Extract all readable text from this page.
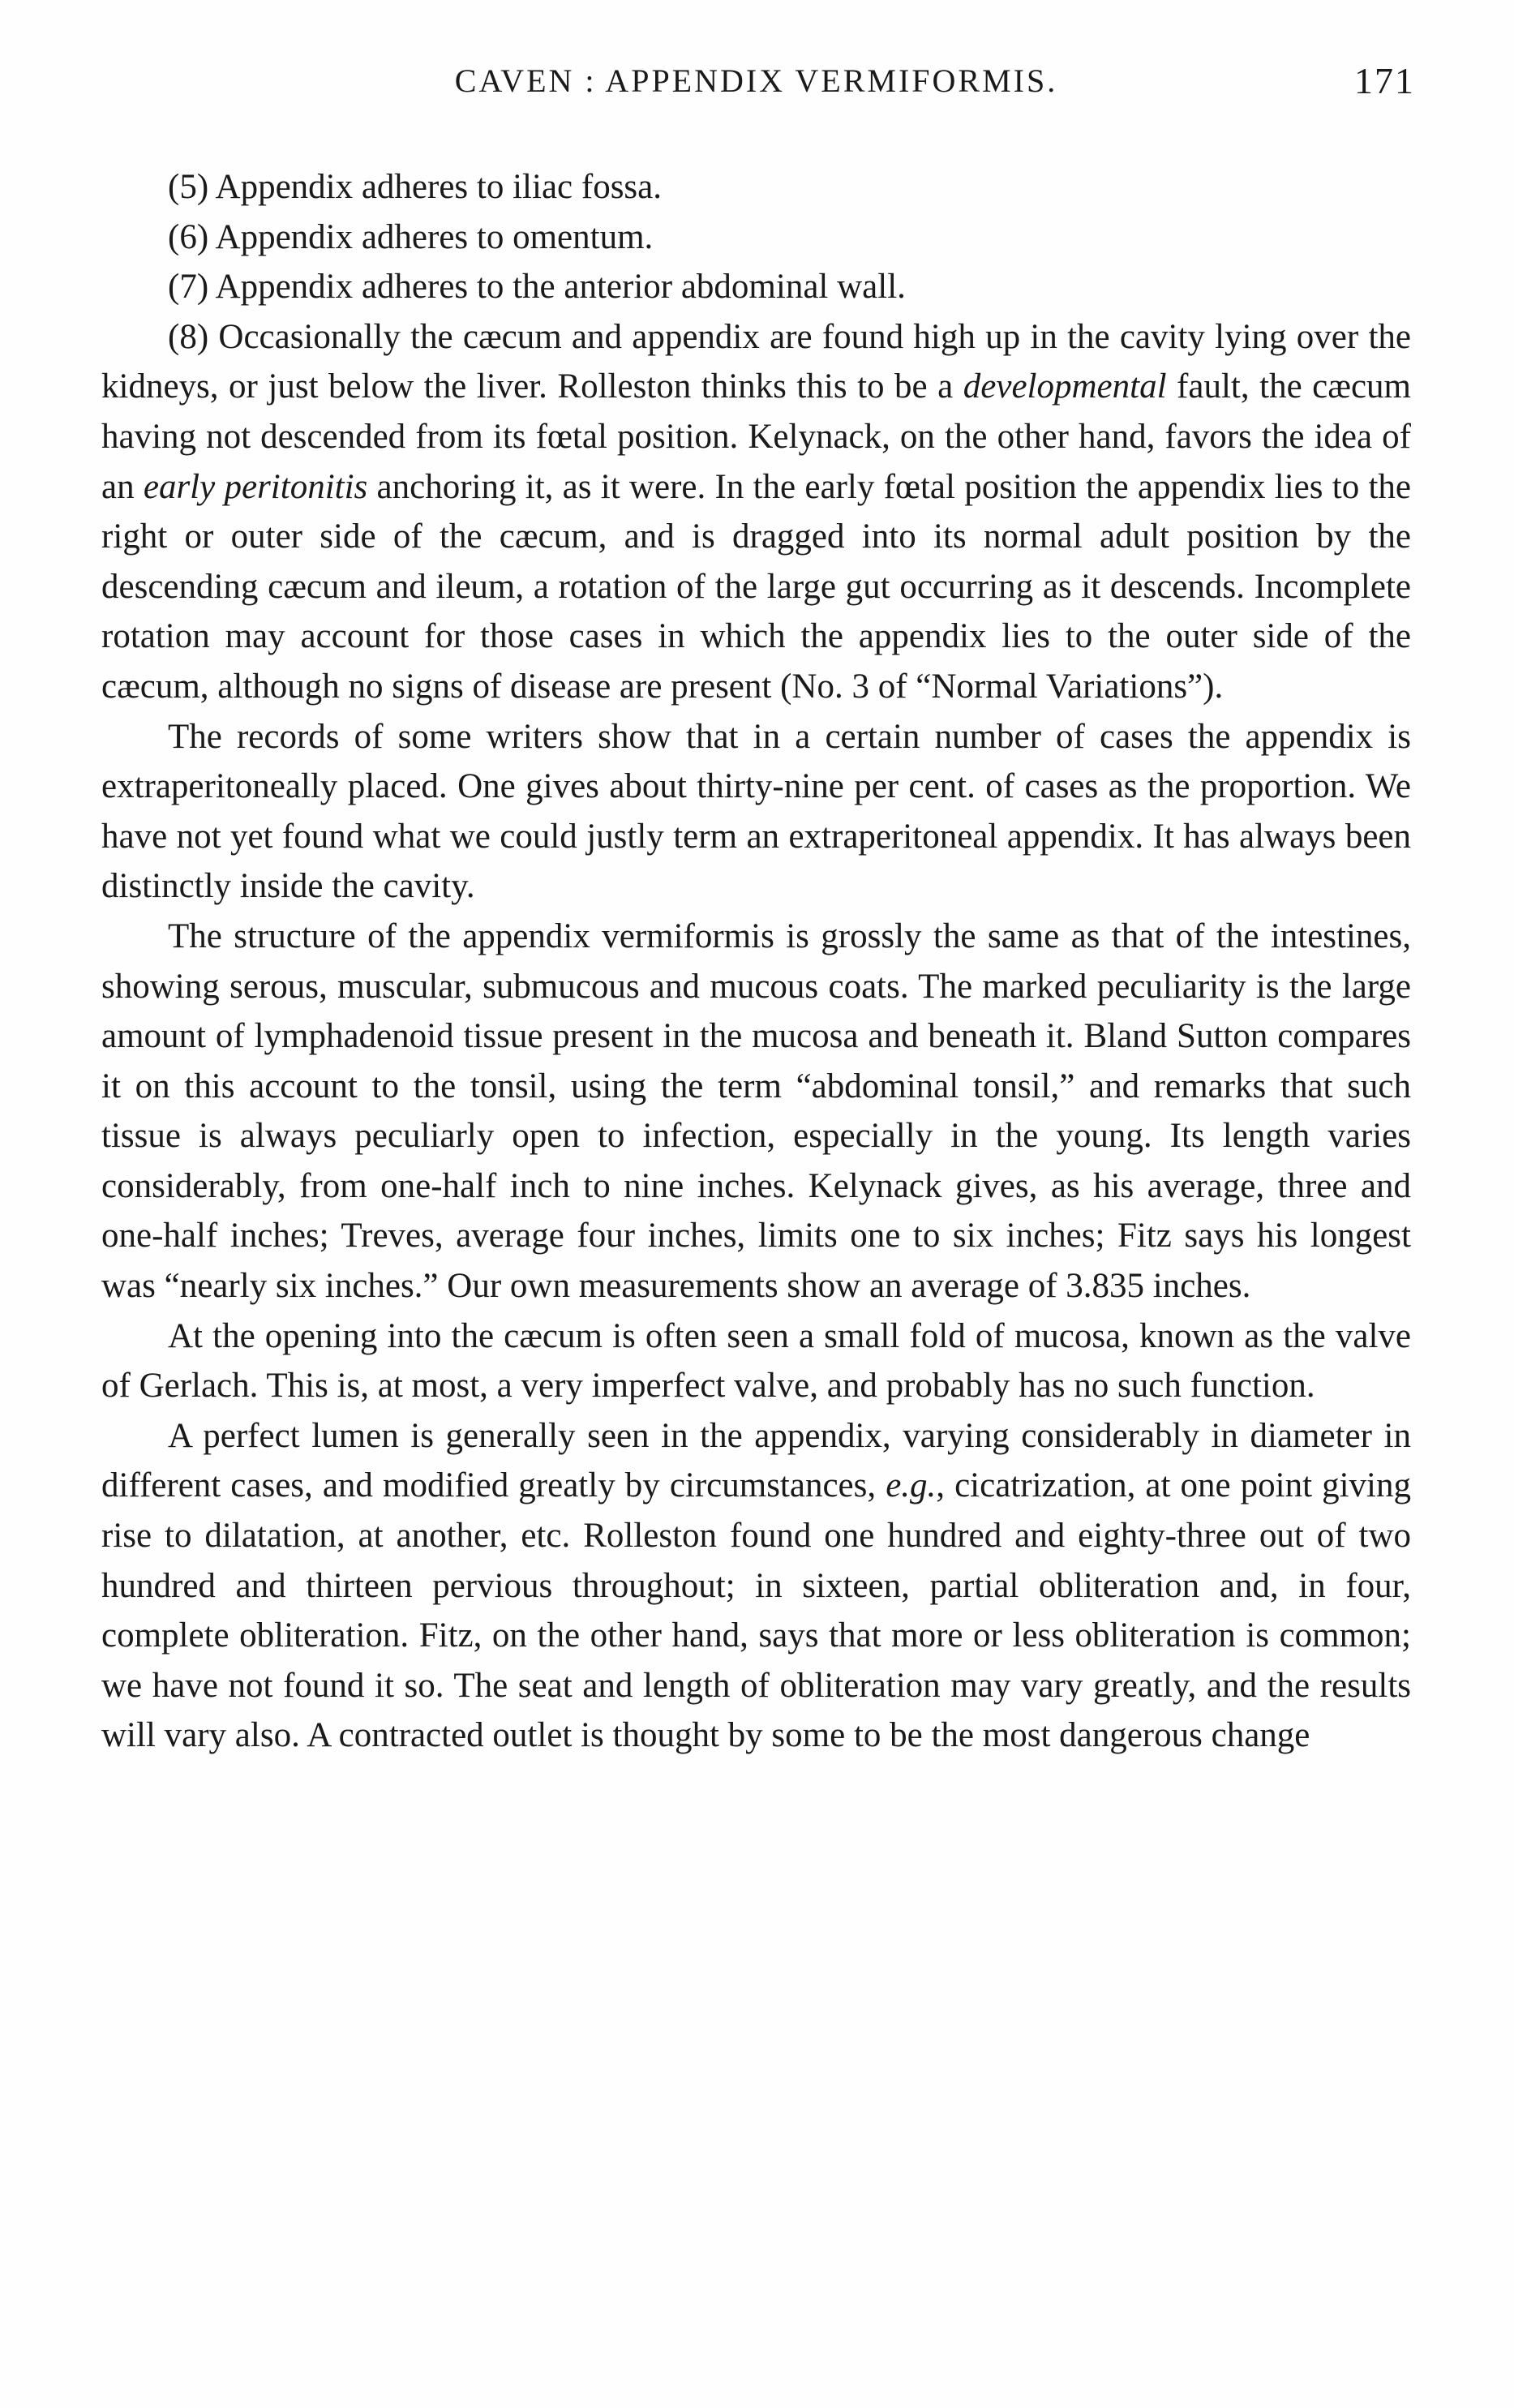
CAVEN : APPENDIX VERMIFORMIS.	171

(5) Appendix adheres to iliac fossa.

(6) Appendix adheres to omentum.

(7) Appendix adheres to the anterior abdominal wall.

(8) Occasionally the cæcum and appendix are found high up in the cavity lying over the kidneys, or just below the liver. Rolleston thinks this to be a developmental fault, the cæcum having not descended from its fœtal position. Kelynack, on the other hand, favors the idea of an early peritonitis anchoring it, as it were. In the early fœtal position the appendix lies to the right or outer side of the cæcum, and is dragged into its normal adult position by the descending cæcum and ileum, a rotation of the large gut occurring as it descends. Incomplete rotation may account for those cases in which the appendix lies to the outer side of the cæcum, although no signs of disease are present (No. 3 of “Normal Variations”).

The records of some writers show that in a certain number of cases the appendix is extraperitoneally placed. One gives about thirty-nine per cent. of cases as the proportion. We have not yet found what we could justly term an extraperitoneal appendix. It has always been distinctly inside the cavity.

The structure of the appendix vermiformis is grossly the same as that of the intestines, showing serous, muscular, submucous and mucous coats. The marked peculiarity is the large amount of lymphadenoid tissue present in the mucosa and beneath it. Bland Sutton compares it on this account to the tonsil, using the term “abdominal tonsil,” and remarks that such tissue is always peculiarly open to infection, especially in the young. Its length varies considerably, from one-half inch to nine inches. Kelynack gives, as his average, three and one-half inches; Treves, average four inches, limits one to six inches; Fitz says his longest was “nearly six inches.” Our own measurements show an average of 3.835 inches.

At the opening into the cæcum is often seen a small fold of mucosa, known as the valve of Gerlach. This is, at most, a very imperfect valve, and probably has no such function.

A perfect lumen is generally seen in the appendix, varying considerably in diameter in different cases, and modified greatly by circumstances, e.g., cicatrization, at one point giving rise to dilatation, at another, etc. Rolleston found one hundred and eighty-three out of two hundred and thirteen pervious throughout; in sixteen, partial obliteration and, in four, complete obliteration. Fitz, on the other hand, says that more or less obliteration is common; we have not found it so. The seat and length of obliteration may vary greatly, and the results will vary also. A contracted outlet is thought by some to be the most dangerous change
